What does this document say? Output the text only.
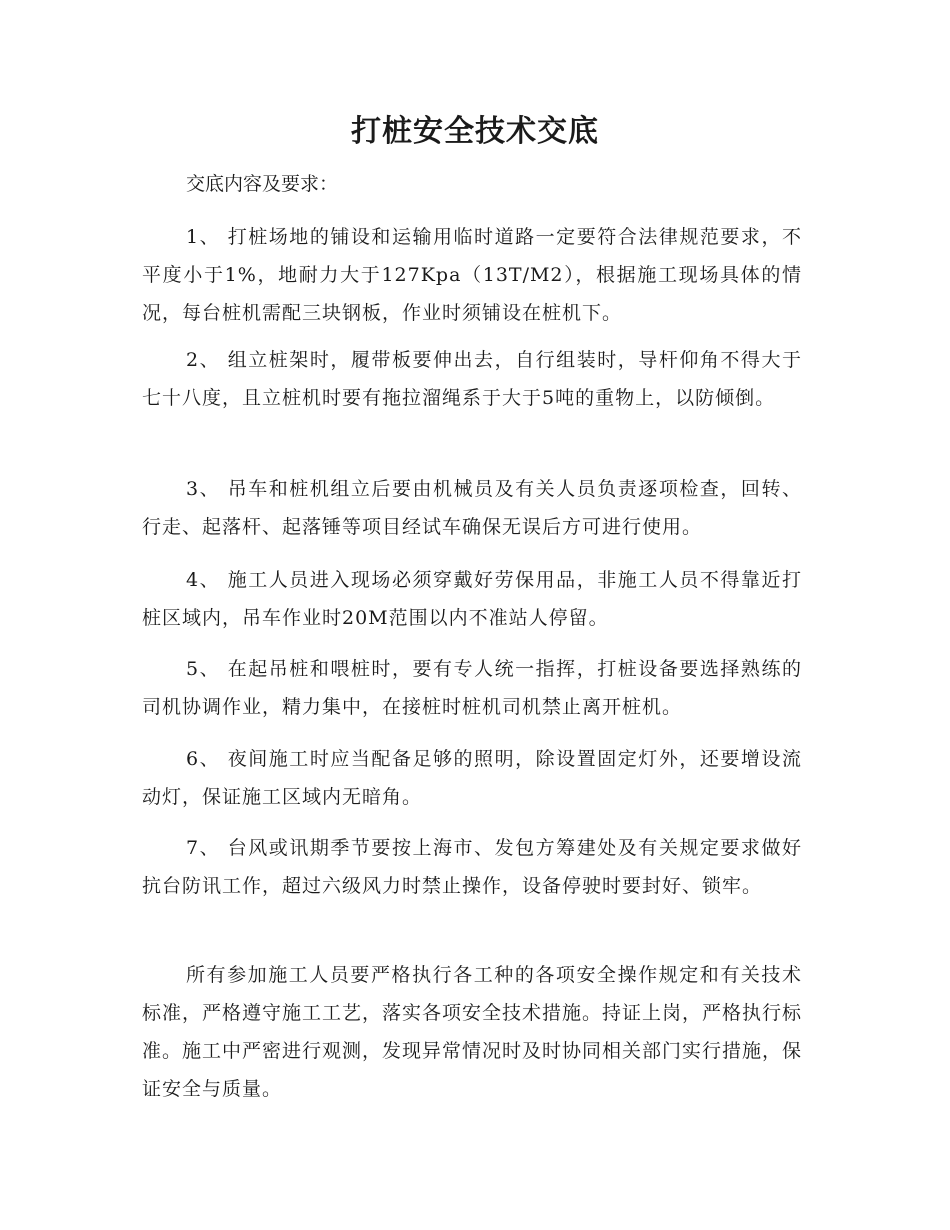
打桩安全技术交底

交底内容及要求：

1、 打桩场地的铺设和运输用临时道路一定要符合法律规范要求，不平度小于1%，地耐力大于127Kpa（13T/M2），根据施工现场具体的情况，每台桩机需配三块钢板，作业时须铺设在桩机下。

2、 组立桩架时，履带板要伸出去，自行组装时，导杆仰角不得大于七十八度，且立桩机时要有拖拉溜绳系于大于5吨的重物上，以防倾倒。

3、 吊车和桩机组立后要由机械员及有关人员负责逐项检查，回转、行走、起落杆、起落锤等项目经试车确保无误后方可进行使用。

4、 施工人员进入现场必须穿戴好劳保用品，非施工人员不得靠近打桩区域内，吊车作业时20M范围以内不准站人停留。

5、 在起吊桩和喂桩时，要有专人统一指挥，打桩设备要选择熟练的司机协调作业，精力集中，在接桩时桩机司机禁止离开桩机。

6、 夜间施工时应当配备足够的照明，除设置固定灯外，还要增设流动灯，保证施工区域内无暗角。

7、 台风或讯期季节要按上海市、发包方筹建处及有关规定要求做好抗台防讯工作，超过六级风力时禁止操作，设备停驶时要封好、锁牢。

所有参加施工人员要严格执行各工种的各项安全操作规定和有关技术标准，严格遵守施工工艺，落实各项安全技术措施。持证上岗，严格执行标准。施工中严密进行观测，发现异常情况时及时协同相关部门实行措施，保证安全与质量。
